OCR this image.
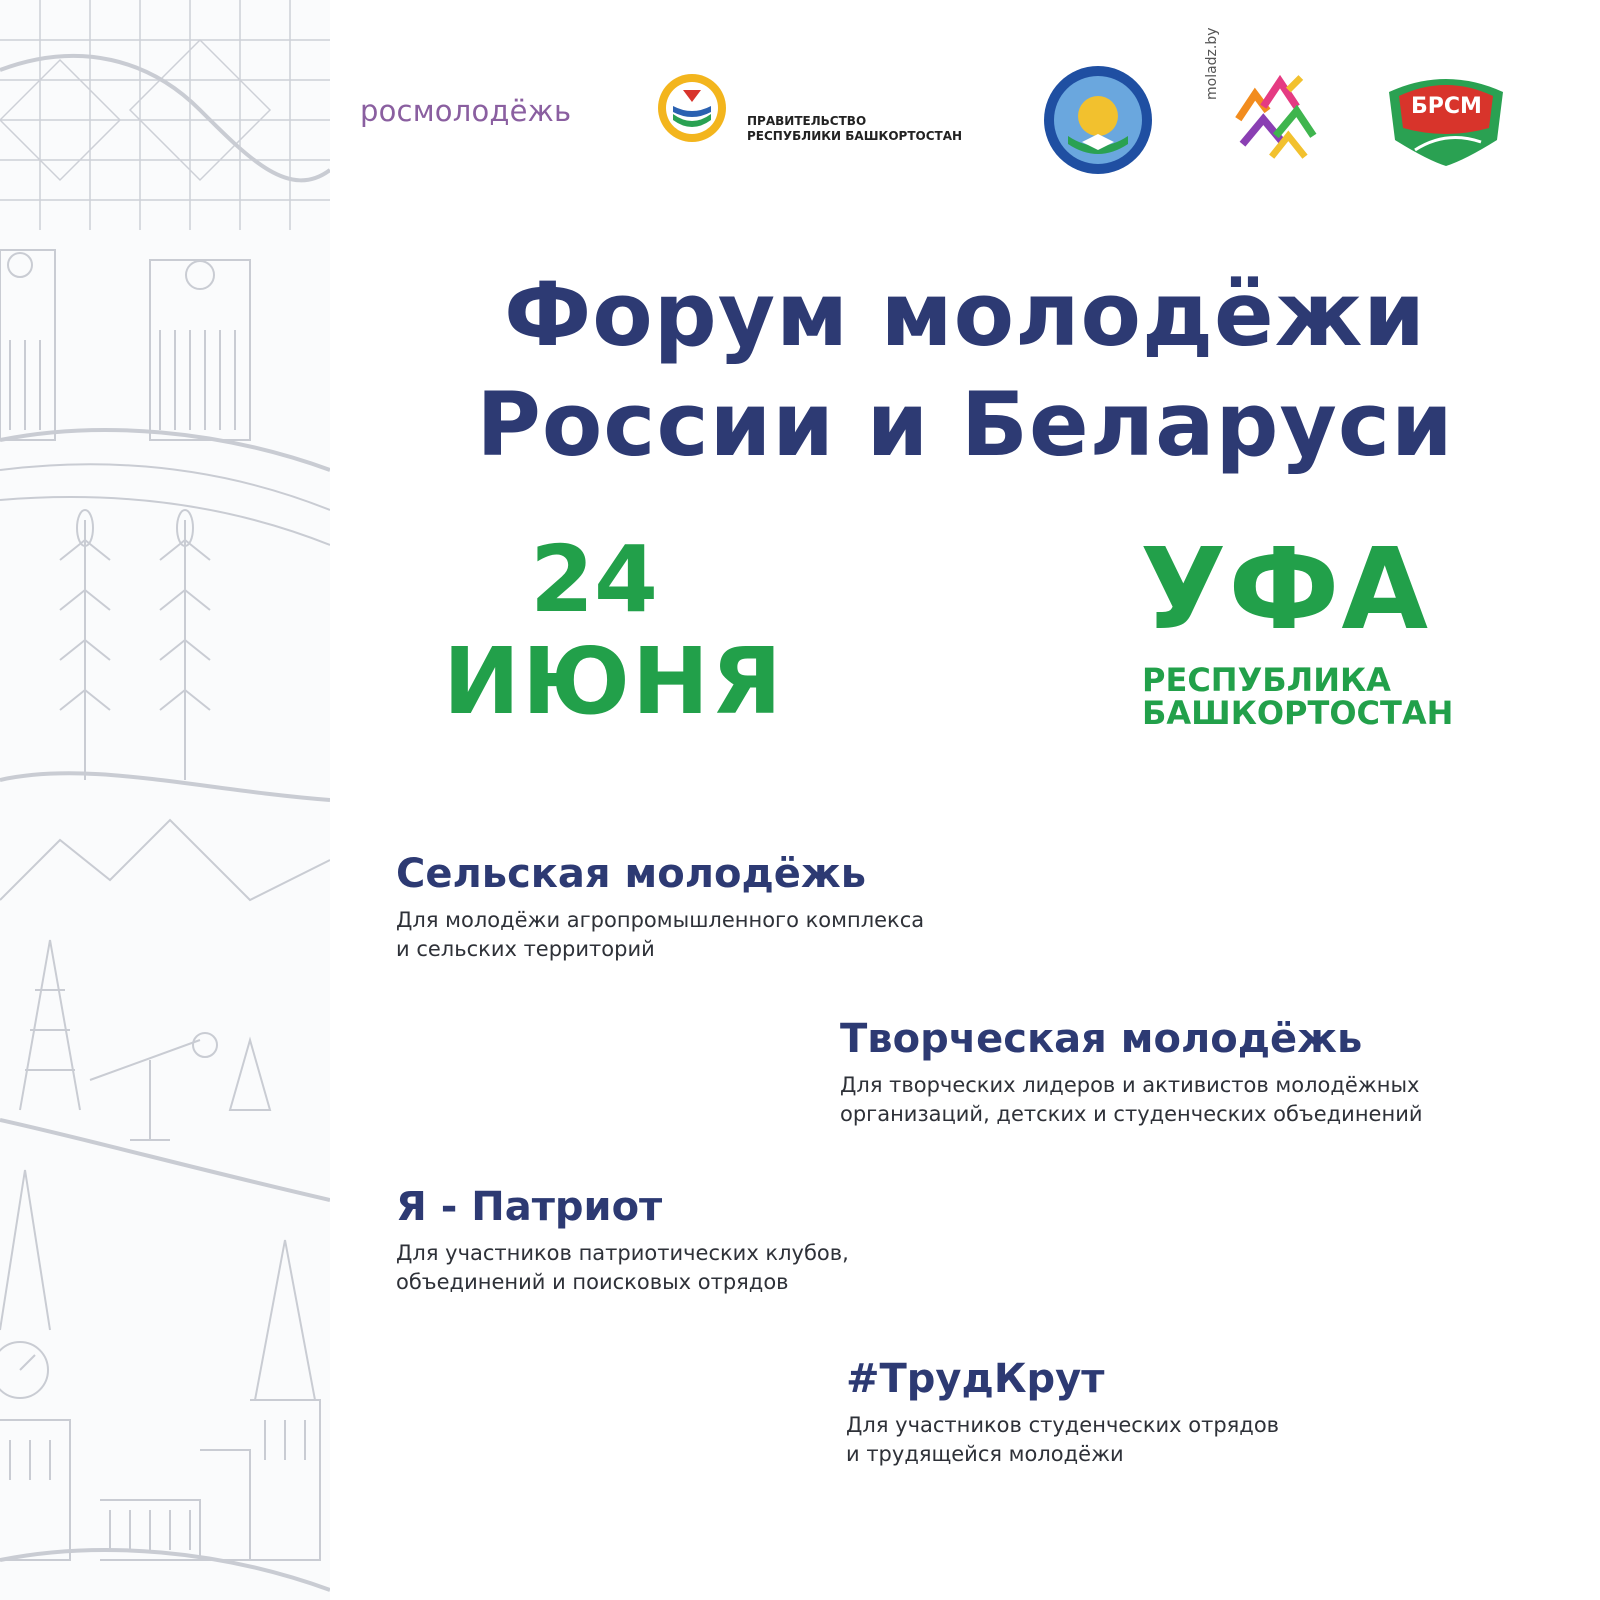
росмолодёжь	ПРАВИТЕЛЬСТВО
РЕСПУБЛИКИ БАШКОРТОСТАН
moladz.by
БРСМ
Форум молодёжи
России и Беларуси
24
ИЮНЯ
УФА
РЕСПУБЛИКА
БАШКОРТОСТАН
Сельская молодёжь
Для молодёжи агропромышленного комплекса
и сельских территорий
Творческая молодёжь
Для творческих лидеров и активистов молодёжных
организаций, детских и студенческих объединений
Я - Патриот
Для участников патриотических клубов,
объединений и поисковых отрядов
#ТрудКрут
Для участников студенческих отрядов
и трудящейся молодёжи
